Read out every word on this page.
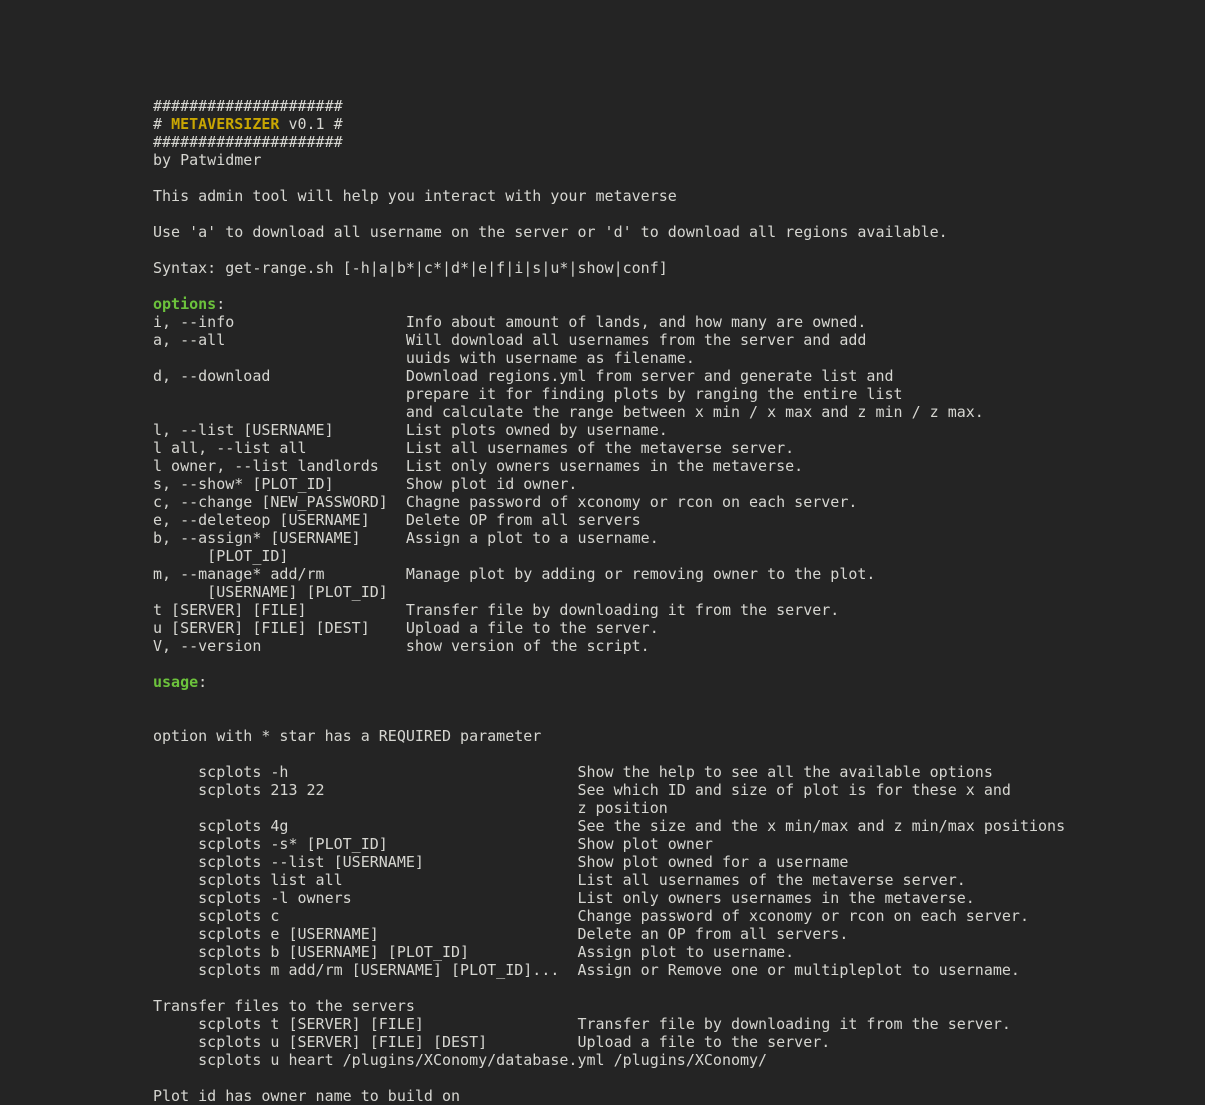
#####################
# METAVERSIZER v0.1 #
#####################
by Patwidmer
This admin tool will help you interact with your metaverse
Use 'a' to download all username on the server or 'd' to download all regions available.
Syntax: get-range.sh [-h|a|b*|c*|d*|e|f|i|s|u*|show|conf]
options:
i, --info                   Info about amount of lands, and how many are owned.
a, --all                    Will download all usernames from the server and add
uuids with username as filename.
d, --download               Download regions.yml from server and generate list and
prepare it for finding plots by ranging the entire list
and calculate the range between x min / x max and z min / z max.
l, --list [USERNAME]        List plots owned by username.
l all, --list all           List all usernames of the metaverse server.
l owner, --list landlords   List only owners usernames in the metaverse.
s, --show* [PLOT_ID]        Show plot id owner.
c, --change [NEW_PASSWORD]  Chagne password of xconomy or rcon on each server.
e, --deleteop [USERNAME]    Delete OP from all servers
b, --assign* [USERNAME]     Assign a plot to a username.
[PLOT_ID]
m, --manage* add/rm         Manage plot by adding or removing owner to the plot.
[USERNAME] [PLOT_ID]
t [SERVER] [FILE]           Transfer file by downloading it from the server.
u [SERVER] [FILE] [DEST]    Upload a file to the server.
V, --version                show version of the script.
usage:
option with * star has a REQUIRED parameter
scplots -h                                Show the help to see all the available options
scplots 213 22                            See which ID and size of plot is for these x and
z position
scplots 4g                                See the size and the x min/max and z min/max positions
scplots -s* [PLOT_ID]                     Show plot owner
scplots --list [USERNAME]                 Show plot owned for a username
scplots list all                          List all usernames of the metaverse server.
scplots -l owners                         List only owners usernames in the metaverse.
scplots c                                 Change password of xconomy or rcon on each server.
scplots e [USERNAME]                      Delete an OP from all servers.
scplots b [USERNAME] [PLOT_ID]            Assign plot to username.
scplots m add/rm [USERNAME] [PLOT_ID]...  Assign or Remove one or multipleplot to username.
Transfer files to the servers
scplots t [SERVER] [FILE]                 Transfer file by downloading it from the server.
scplots u [SERVER] [FILE] [DEST]          Upload a file to the server.
scplots u heart /plugins/XConomy/database.yml /plugins/XConomy/
Plot id has owner name to build on
